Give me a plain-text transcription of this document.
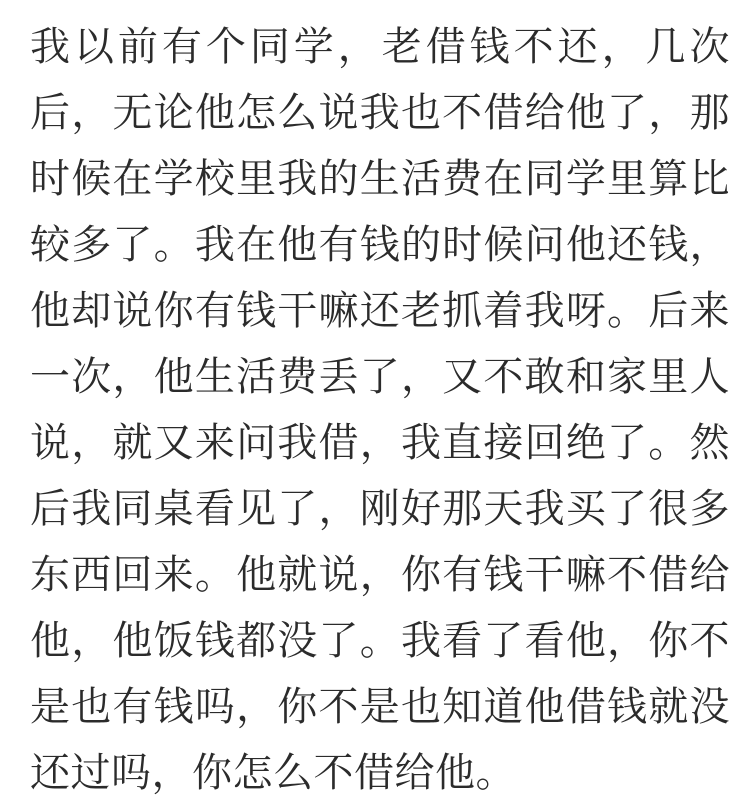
我以前有个同学，老借钱不还，几次后，无论他怎么说我也不借给他了，那时候在学校里我的生活费在同学里算比较多了。我在他有钱的时候问他还钱，他却说你有钱干嘛还老抓着我呀。后来一次，他生活费丢了，又不敢和家里人说，就又来问我借，我直接回绝了。然后我同桌看见了，刚好那天我买了很多东西回来。他就说，你有钱干嘛不借给他，他饭钱都没了。我看了看他，你不是也有钱吗，你不是也知道他借钱就没还过吗，你怎么不借给他。
